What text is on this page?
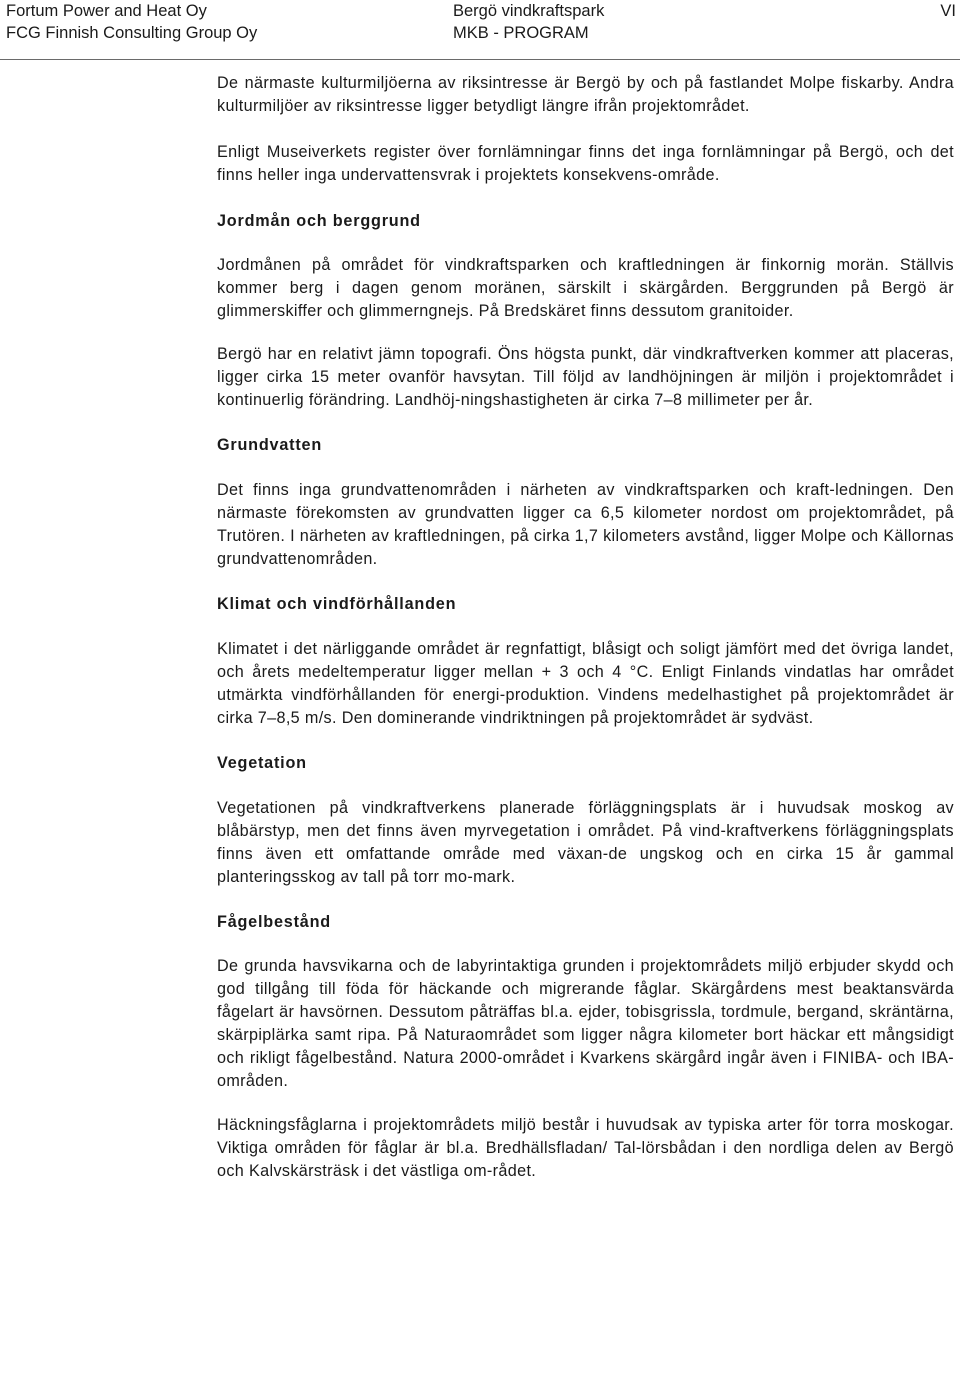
Fortum Power and Heat Oy
FCG Finnish Consulting Group Oy
Bergö vindkraftspark
MKB - PROGRAM
VI

De närmaste kulturmiljöerna av riksintresse är Bergö by och på fastlandet Molpe fiskarby. Andra kulturmiljöer av riksintresse ligger betydligt längre ifrån projektområdet.

Enligt Museiverkets register över fornlämningar finns det inga fornlämningar på Bergö, och det finns heller inga undervattensvrak i projektets konsekvens-område.

Jordmån och berggrund

Jordmånen på området för vindkraftsparken och kraftledningen är finkornig morän. Ställvis kommer berg i dagen genom moränen, särskilt i skärgården. Berggrunden på Bergö är glimmerskiffer och glimmerngnejs. På Bredskäret finns dessutom granitoider.

Bergö har en relativt jämn topografi. Öns högsta punkt, där vindkraftverken kommer att placeras, ligger cirka 15 meter ovanför havsytan. Till följd av landhöjningen är miljön i projektområdet i kontinuerlig förändring. Landhöj-ningshastigheten är cirka 7–8 millimeter per år.

Grundvatten

Det finns inga grundvattenområden i närheten av vindkraftsparken och kraft-ledningen. Den närmaste förekomsten av grundvatten ligger ca 6,5 kilometer nordost om projektområdet, på Trutören. I närheten av kraftledningen, på cirka 1,7 kilometers avstånd, ligger Molpe och Källornas grundvattenområden.

Klimat och vindförhållanden

Klimatet i det närliggande området är regnfattigt, blåsigt och soligt jämfört med det övriga landet, och årets medeltemperatur ligger mellan + 3 och 4 °C. Enligt Finlands vindatlas har området utmärkta vindförhållanden för energi-produktion. Vindens medelhastighet på projektområdet är cirka 7–8,5 m/s. Den dominerande vindriktningen på projektområdet är sydväst.

Vegetation

Vegetationen på vindkraftverkens planerade förläggningsplats är i huvudsak moskog av blåbärstyp, men det finns även myrvegetation i området. På vind-kraftverkens förläggningsplats finns även ett omfattande område med växan-de ungskog och en cirka 15 år gammal planteringsskog av tall på torr mo-mark.

Fågelbestånd

De grunda havsvikarna och de labyrintaktiga grunden i projektområdets miljö erbjuder skydd och god tillgång till föda för häckande och migrerande fåglar. Skärgårdens mest beaktansvärda fågelart är havsörnen. Dessutom påträffas bl.a. ejder, tobisgrissla, tordmule, bergand, skräntärna, skärpiplärka samt ripa. På Naturaområdet som ligger några kilometer bort häckar ett mångsidigt och rikligt fågelbestånd. Natura 2000-området i Kvarkens skärgård ingår även i FINIBA- och IBA-områden.

Häckningsfåglarna i projektområdets miljö består i huvudsak av typiska arter för torra moskogar. Viktiga områden för fåglar är bl.a. Bredhällsfladan/ Tal-lörsbådan i den nordliga delen av Bergö och Kalvskärsträsk i det västliga om-rådet.
